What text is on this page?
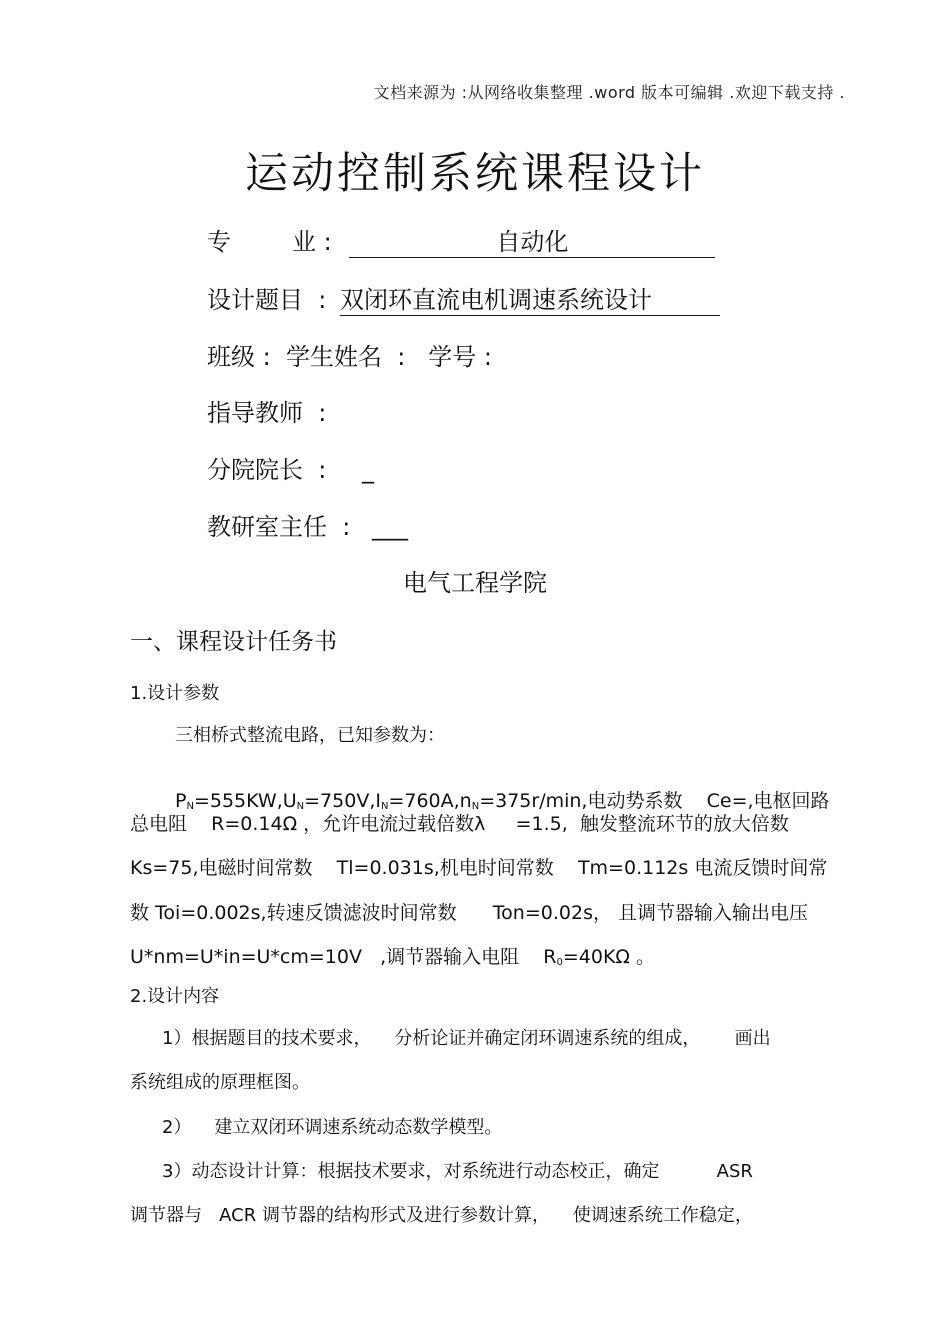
文档来源为 :从网络收集整理 .word 版本可编辑 .欢迎下载支持 .
运动控制系统课程设计
专        业 :	自动化
设计题目  : 双闭环直流电机调速系统设计
班级 :  学生姓名  :   学号 :
指导教师  :
分院院长  : _
教研室主任  : ___
电气工程学院
一、课程设计任务书
1.设计参数
三相桥式整流电路，已知参数为：

$P_N=555KW,U_N=750V,I_N=760A,n_N=375r/\min$,电动势系数    Ce=,电枢回路
总电阻    R=0.14Ω ，允许电流过载倍数λ     =1.5,  触发整流环节的放大倍数
Ks=75,电磁时间常数    Tl=0.031s,机电时间常数    Tm=0.112s 电流反馈时间常
数 Toi=0.002s,转速反馈滤波时间常数      Ton=0.02s， 且调节器输入输出电压
U*nm=U*in=U*cm=10V   ,调节器输入电阻    $R_0=40K\Omega$ 。
2.设计内容
1）根据题目的技术要求，    分析论证并确定闭环调速系统的组成，      画出
系统组成的原理框图。
2）    建立双闭环调速系统动态数学模型。
3）动态设计计算：根据技术要求，对系统进行动态校正，确定          ASR
调节器与   ACR 调节器的结构形式及进行参数计算，    使调速系统工作稳定，
